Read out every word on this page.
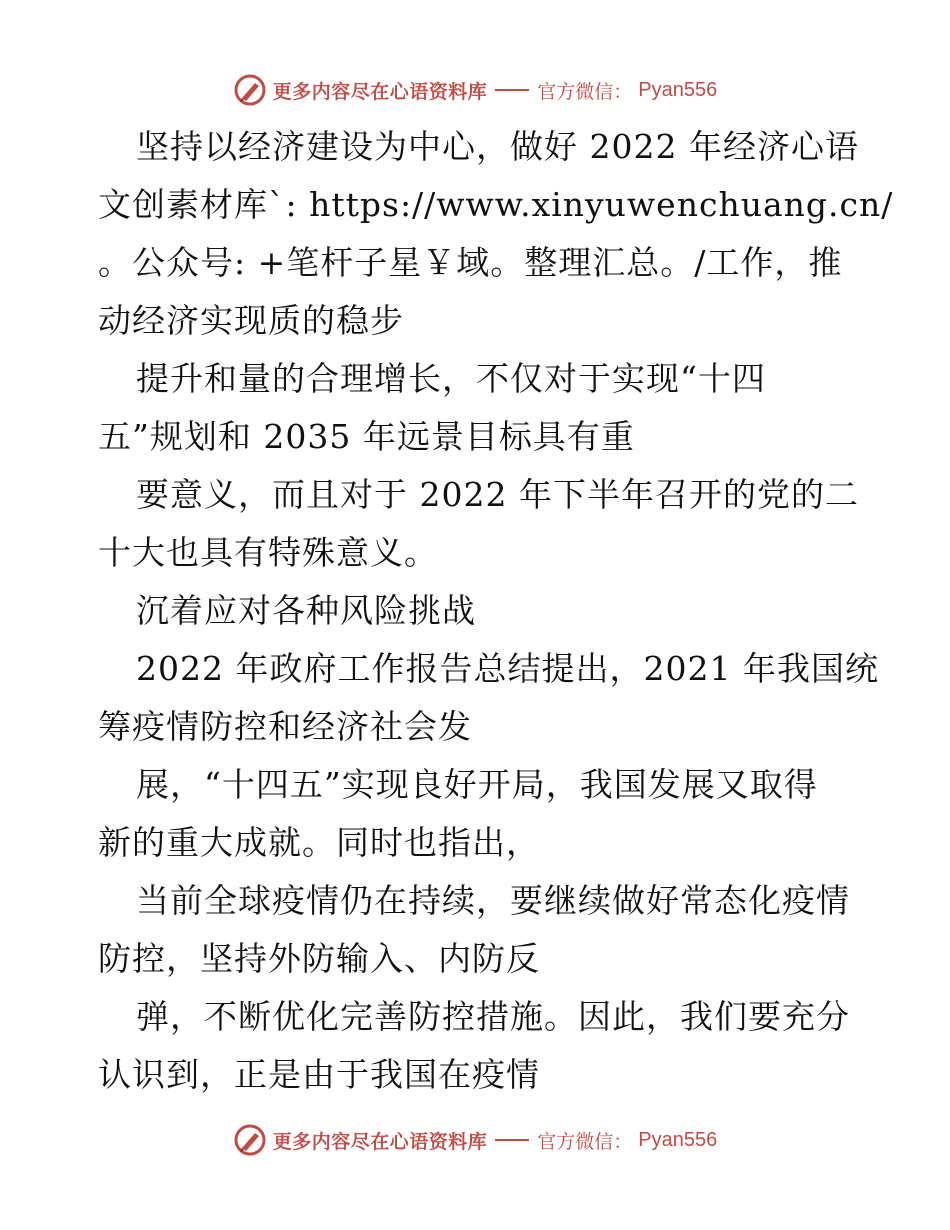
更多内容尽在心语资料库	官方微信： Pyan556
坚持以经济建设为中心，做好 2022 年经济心语
文创素材库`: https://www.xinyuwenchuang.cn/
。公众号: +笔杆子星￥域。整理汇总。/工作，推
动经济实现质的稳步
提升和量的合理增长，不仅对于实现“十四
五”规划和 2035 年远景目标具有重
要意义，而且对于 2022 年下半年召开的党的二
十大也具有特殊意义。
沉着应对各种风险挑战
2022 年政府工作报告总结提出，2021 年我国统
筹疫情防控和经济社会发
展，“十四五”实现良好开局，我国发展又取得
新的重大成就。同时也指出，
当前全球疫情仍在持续，要继续做好常态化疫情
防控，坚持外防输入、内防反
弹，不断优化完善防控措施。因此，我们要充分
认识到，正是由于我国在疫情
更多内容尽在心语资料库	官方微信： Pyan556
